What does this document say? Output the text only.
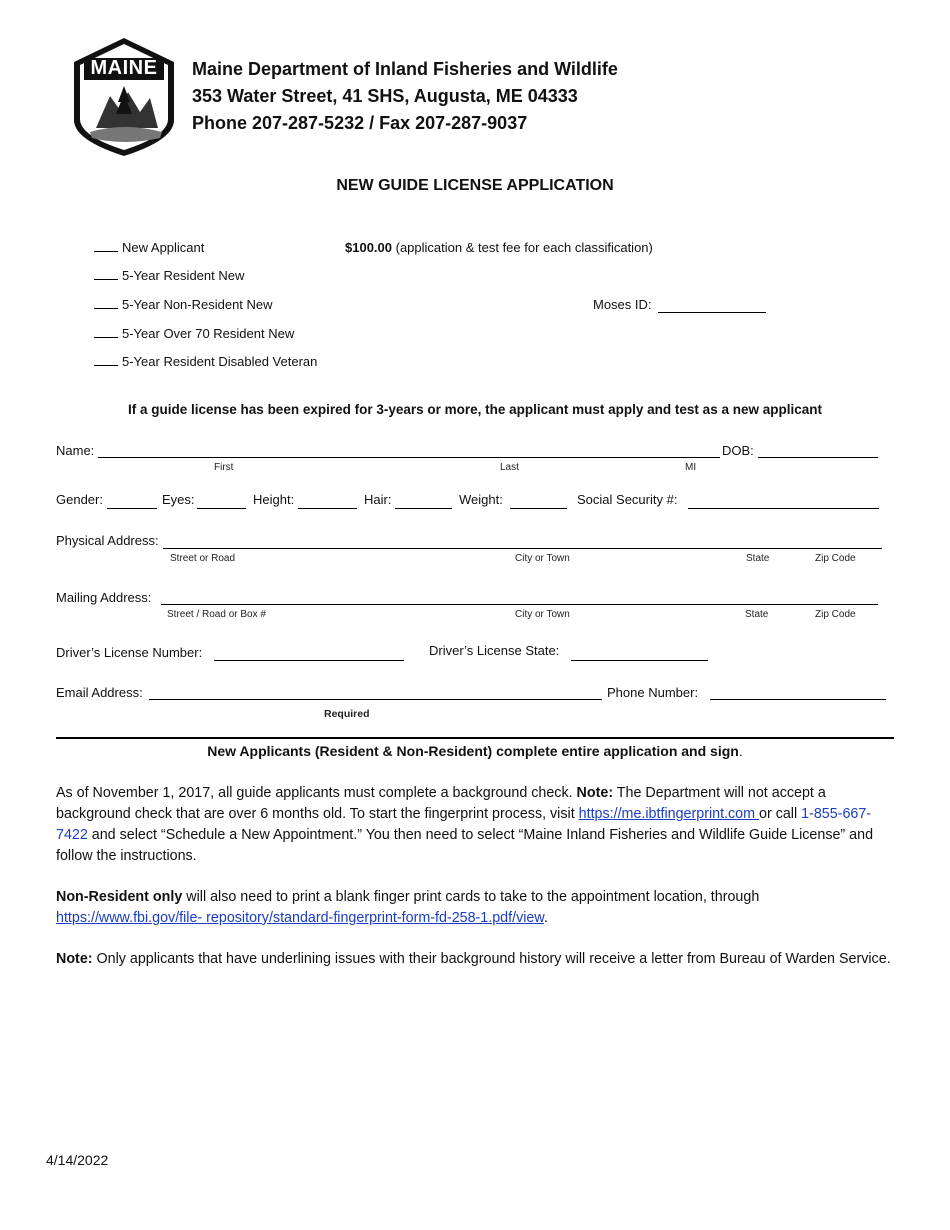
MAINE	Maine Department of Inland Fisheries and Wildlife
353 Water Street, 41 SHS, Augusta, ME 04333
Phone 207-287-5232 / Fax 207-287-9037
NEW GUIDE LICENSE APPLICATION
New Applicant
5-Year Resident New
5-Year Non-Resident New
5-Year Over 70 Resident New
5-Year Resident Disabled Veteran
$100.00 (application & test fee for each classification)
Moses ID:
If a guide license has been expired for 3-years or more, the applicant must apply and test as a new applicant
Name:	DOB:
First	Last	MI
Gender:	Eyes:	Height:	Hair:	Weight:	Social Security #:
Physical Address:
Street or Road	City or Town	State	Zip Code
Mailing Address:
Street / Road or Box #	City or Town	State	Zip Code
Driver’s License Number:	Driver’s License State:
Email Address:
Required
Phone Number:
New Applicants (Resident & Non-Resident) complete entire application and sign.
As of November 1, 2017, all guide applicants must complete a background check. Note: The Department will not accept a background check that are over 6 months old. To start the fingerprint process, visit https://me.ibtfingerprint.com or call 1-855-667-7422 and select “Schedule a New Appointment.” You then need to select “Maine Inland Fisheries and Wildlife Guide License” and follow the instructions.
Non-Resident only will also need to print a blank finger print cards to take to the appointment location, through https://www.fbi.gov/file- repository/standard-fingerprint-form-fd-258-1.pdf/view.
Note: Only applicants that have underlining issues with their background history will receive a letter from Bureau of Warden Service.
4/14/2022
